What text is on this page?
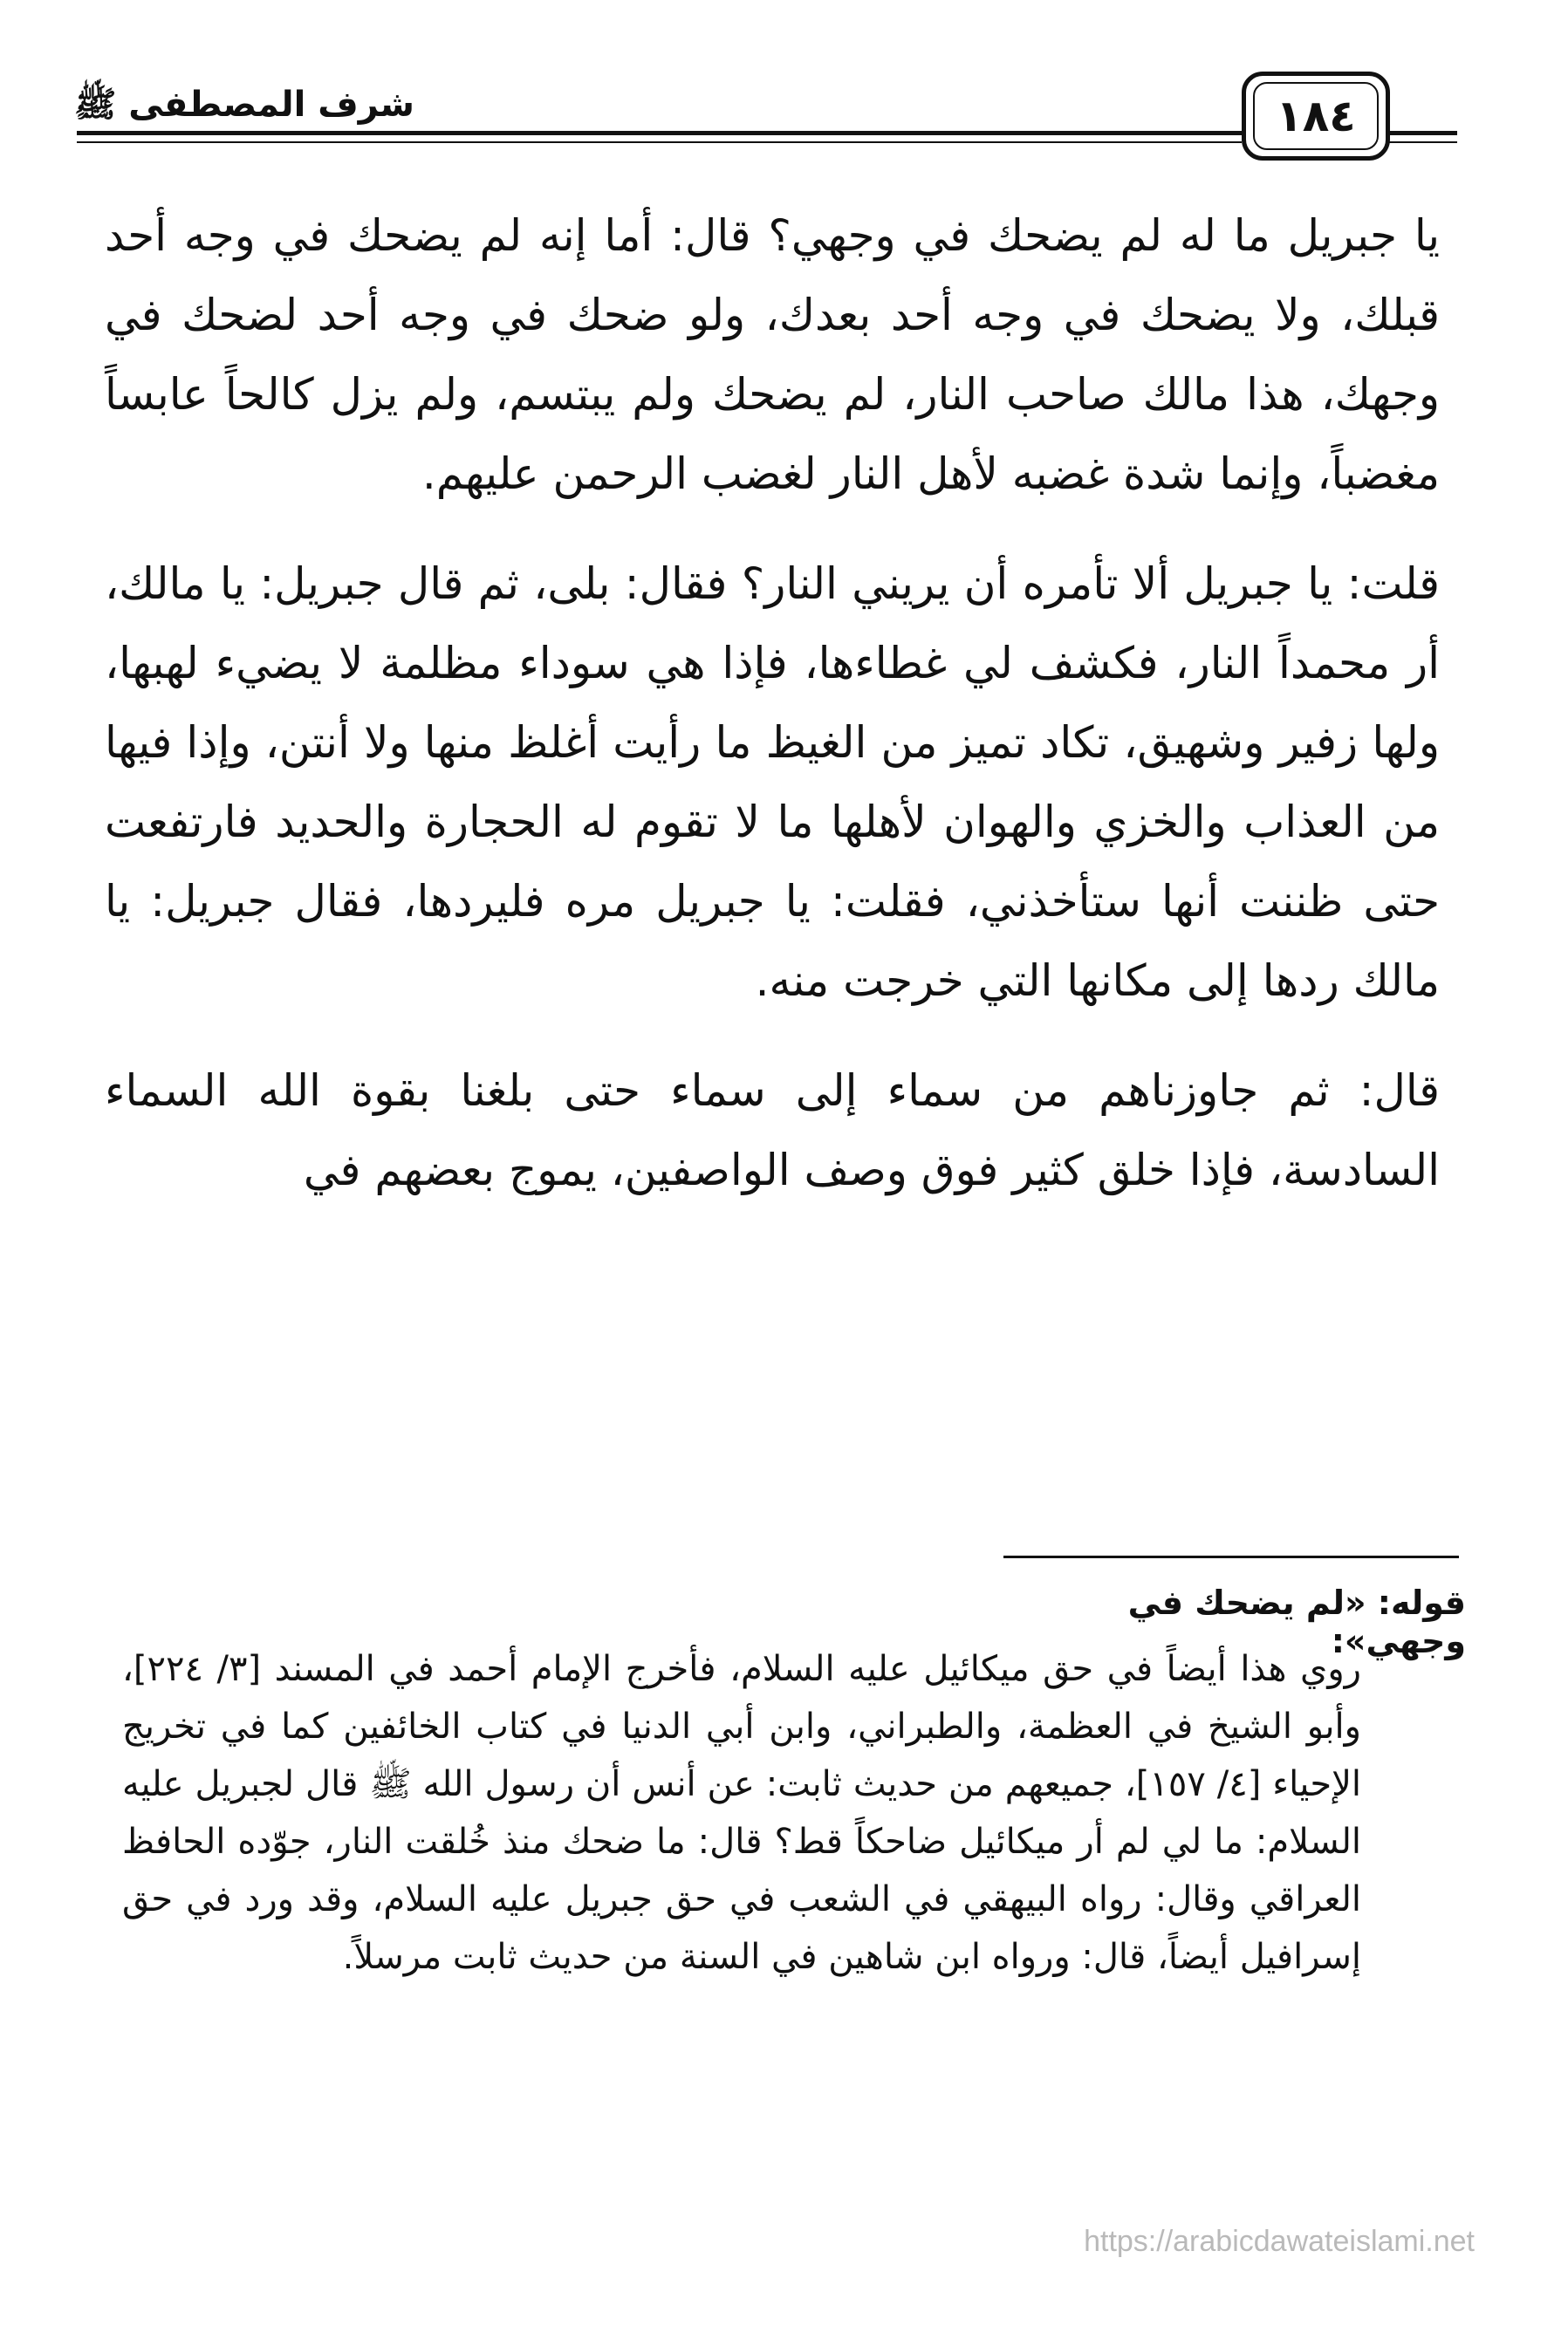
شرف المصطفى ﷺ	١٨٤

يا جبريل ما له لم يضحك في وجهي؟ قال: أما إنه لم يضحك في وجه أحد قبلك، ولا يضحك في وجه أحد بعدك، ولو ضحك في وجه أحد لضحك في وجهك، هذا مالك صاحب النار، لم يضحك ولم يبتسم، ولم يزل كالحاً عابساً مغضباً، وإنما شدة غضبه لأهل النار لغضب الرحمن عليهم.

قلت: يا جبريل ألا تأمره أن يريني النار؟ فقال: بلى، ثم قال جبريل: يا مالك، أر محمداً النار، فكشف لي غطاءها، فإذا هي سوداء مظلمة لا يضيء لهبها، ولها زفير وشهيق، تكاد تميز من الغيظ ما رأيت أغلظ منها ولا أنتن، وإذا فيها من العذاب والخزي والهوان لأهلها ما لا تقوم له الحجارة والحديد فارتفعت حتى ظننت أنها ستأخذني، فقلت: يا جبريل مره فليردها، فقال جبريل: يا مالك ردها إلى مكانها التي خرجت منه.

قال: ثم جاوزناهم من سماء إلى سماء حتى بلغنا بقوة الله السماء السادسة، فإذا خلق كثير فوق وصف الواصفين، يموج بعضهم في

قوله: «لم يضحك في وجهي»:

روي هذا أيضاً في حق ميكائيل عليه السلام، فأخرج الإمام أحمد في المسند [٣/ ٢٢٤]، وأبو الشيخ في العظمة، والطبراني، وابن أبي الدنيا في كتاب الخائفين كما في تخريج الإحياء [٤/ ١٥٧]، جميعهم من حديث ثابت: عن أنس أن رسول الله ﷺ قال لجبريل عليه السلام: ما لي لم أر ميكائيل ضاحكاً قط؟ قال: ما ضحك منذ خُلقت النار، جوّده الحافظ العراقي وقال: رواه البيهقي في الشعب في حق جبريل عليه السلام، وقد ورد في حق إسرافيل أيضاً، قال: ورواه ابن شاهين في السنة من حديث ثابت مرسلاً.

https://arabicdawateislami.net
